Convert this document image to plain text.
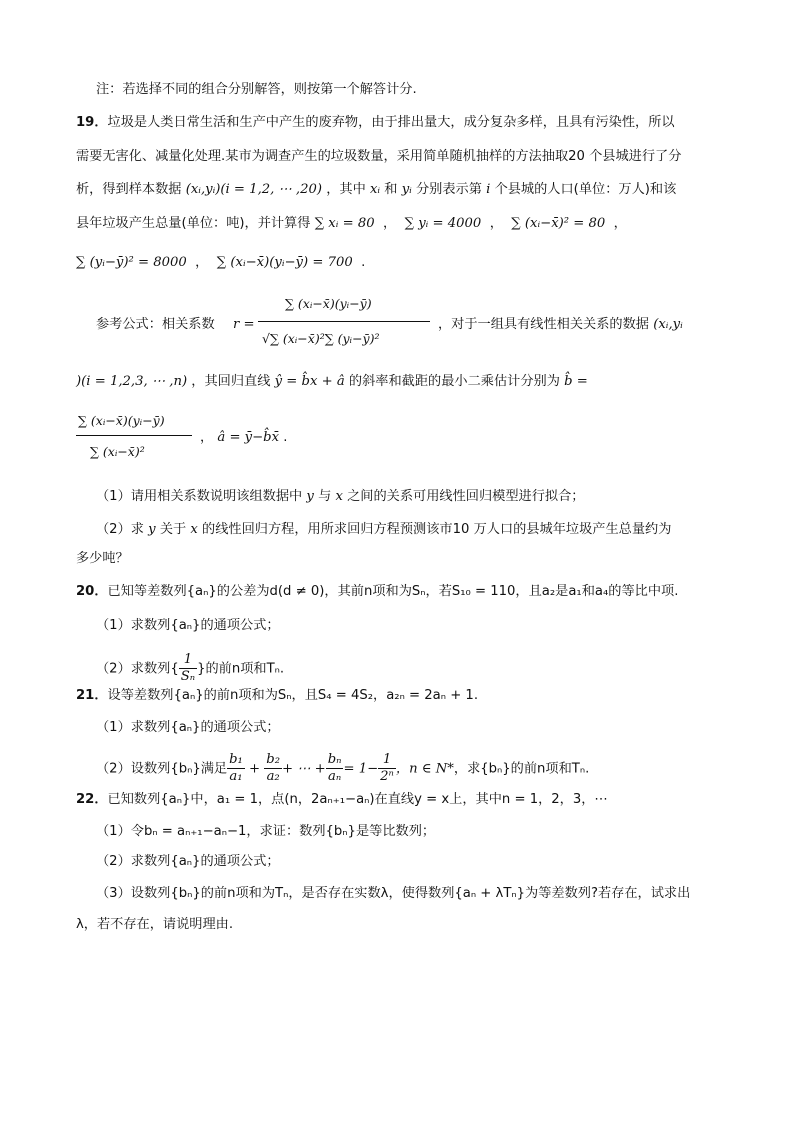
注：若选择不同的组合分别解答，则按第一个解答计分.
19．垃圾是人类日常生活和生产中产生的废弃物，由于排出量大，成分复杂多样，且具有污染性，所以
需要无害化、减量化处理.某市为调查产生的垃圾数量，采用简单随机抽样的方法抽取20 个县城进行了分
析，得到样本数据 (xᵢ,yᵢ)(i = 1,2, ⋯ ,20) ，其中 xᵢ 和 yᵢ 分别表示第 i 个县城的人口(单位：万人)和该
县年垃圾产生总量(单位：吨)，并计算得 ∑ xᵢ = 80  ，  ∑ yᵢ = 4000  ，  ∑ (xᵢ−x̄)² = 80  ，
∑ (yᵢ−ȳ)² = 8000  ，  ∑ (xᵢ−x̄)(yᵢ−ȳ) = 700  .
参考公式：相关系数 r =
∑ (xᵢ−x̄)(yᵢ−ȳ)
√∑ (xᵢ−x̄)²∑ (yᵢ−ȳ)²
，对于一组具有线性相关关系的数据 (xᵢ,yᵢ
)(i = 1,2,3, ⋯ ,n) ，其回归直线 ŷ = b̂x + â 的斜率和截距的最小二乘估计分别为 b̂ =
∑ (xᵢ−x̄)(yᵢ−ȳ)
∑ (xᵢ−x̄)²
， â = ȳ−b̂x̄ .
（1）请用相关系数说明该组数据中 y 与 x 之间的关系可用线性回归模型进行拟合；
（2）求 y 关于 x 的线性回归方程，用所求回归方程预测该市10 万人口的县城年垃圾产生总量约为
多少吨？
20．已知等差数列{aₙ}的公差为d(d ≠ 0)，其前n项和为Sₙ，若S₁₀ = 110，且a₂是a₁和a₄的等比中项.
（1）求数列{aₙ}的通项公式；
（2）求数列{ $\frac{1}{\text{Sₙ}}$ }的前n项和Tₙ.
21．设等差数列{aₙ}的前n项和为Sₙ，且S₄ = 4S₂，a₂ₙ = 2aₙ + 1.
（1）求数列{aₙ}的通项公式；
（2）设数列{bₙ}满足 $\frac{\text{b₁}}{\text{a₁}} + \frac{\text{b₂}}{\text{a₂}}$ + ⋯ + $\frac{\text{bₙ}}{\text{aₙ}} = 1- \frac{1}{\text{2ⁿ}}$ ，n ∈ N*，求{bₙ}的前n项和Tₙ.
22．已知数列{aₙ}中，a₁ = 1，点(n，2aₙ₊₁−aₙ)在直线y = x上，其中n = 1，2，3，⋯
（1）令bₙ = aₙ₊₁−aₙ−1，求证：数列{bₙ}是等比数列；
（2）求数列{aₙ}的通项公式；
（3）设数列{bₙ}的前n项和为Tₙ，是否存在实数λ，使得数列{aₙ + λTₙ}为等差数列?若存在，试求出
λ，若不存在，请说明理由.
